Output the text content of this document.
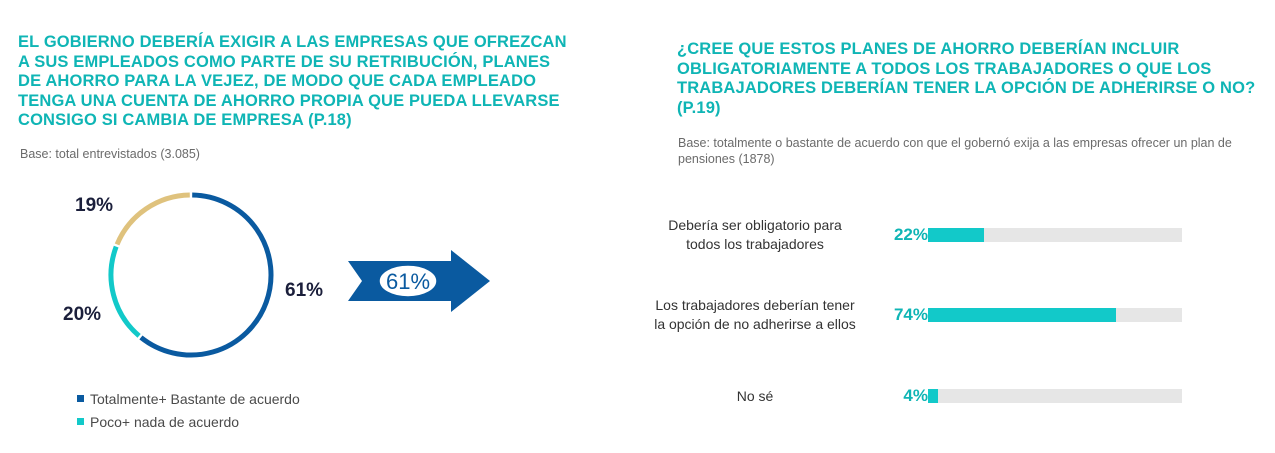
EL GOBIERNO DEBERÍA EXIGIR A LAS EMPRESAS QUE OFREZCAN A SUS EMPLEADOS COMO PARTE DE SU RETRIBUCIÓN, PLANES DE AHORRO PARA LA VEJEZ, DE MODO QUE CADA EMPLEADO TENGA UNA CUENTA DE AHORRO PROPIA QUE PUEDA LLEVARSE CONSIGO SI CAMBIA DE EMPRESA (P.18)

Base: total entrevistados (3.085)

19%
20%
61%	61%
Totalmente+ Bastante de acuerdo
Poco+ nada de acuerdo
¿CREE QUE ESTOS PLANES DE AHORRO DEBERÍAN INCLUIR OBLIGATORIAMENTE A TODOS LOS TRABAJADORES O QUE LOS TRABAJADORES DEBERÍAN TENER LA OPCIÓN DE ADHERIRSE O NO? (P.19)

Base: totalmente o bastante de acuerdo con que el gobernó exija a las empresas ofrecer un plan de pensiones (1878)

Debería ser obligatorio para
todos los trabajadores	22%
Los trabajadores deberían tener
la opción de no adherirse a ellos	74%
No sé	4%
